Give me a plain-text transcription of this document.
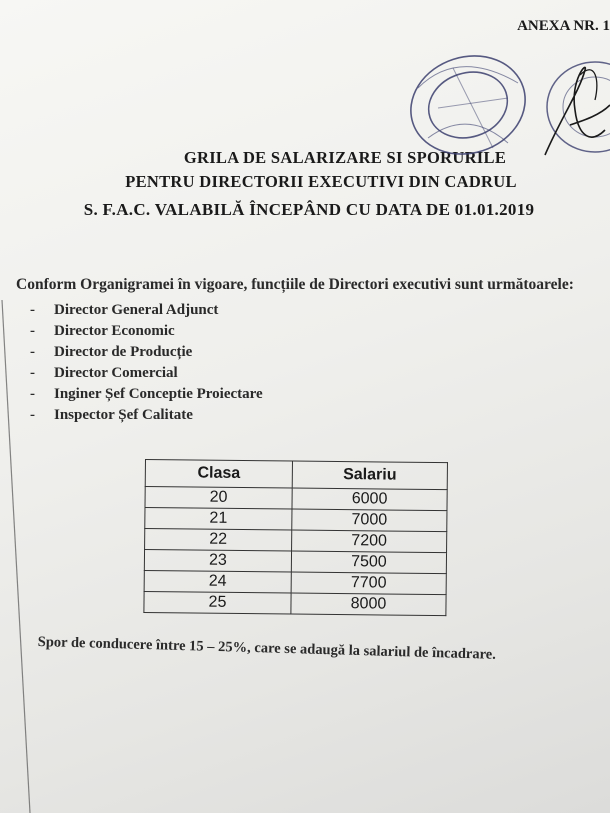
ANEXA NR. 1
GRILA DE SALARIZARE SI SPORURILE
PENTRU DIRECTORII EXECUTIVI DIN CADRUL
S. F.A.C. VALABILĂ ÎNCEPÂND CU DATA DE 01.01.2019
Conform Organigramei în vigoare, funcțiile de Directori executivi sunt următoarele:
-	Director General Adjunct
-	Director Economic
-	Director de Producție
-	Director Comercial
-	Inginer Șef Conceptie Proiectare
-	Inspector Șef Calitate
Clasa	Salariu
20	6000
21	7000
22	7200
23	7500
24	7700
25	8000
Spor de conducere între 15 – 25%, care se adaugă la salariul de încadrare.
